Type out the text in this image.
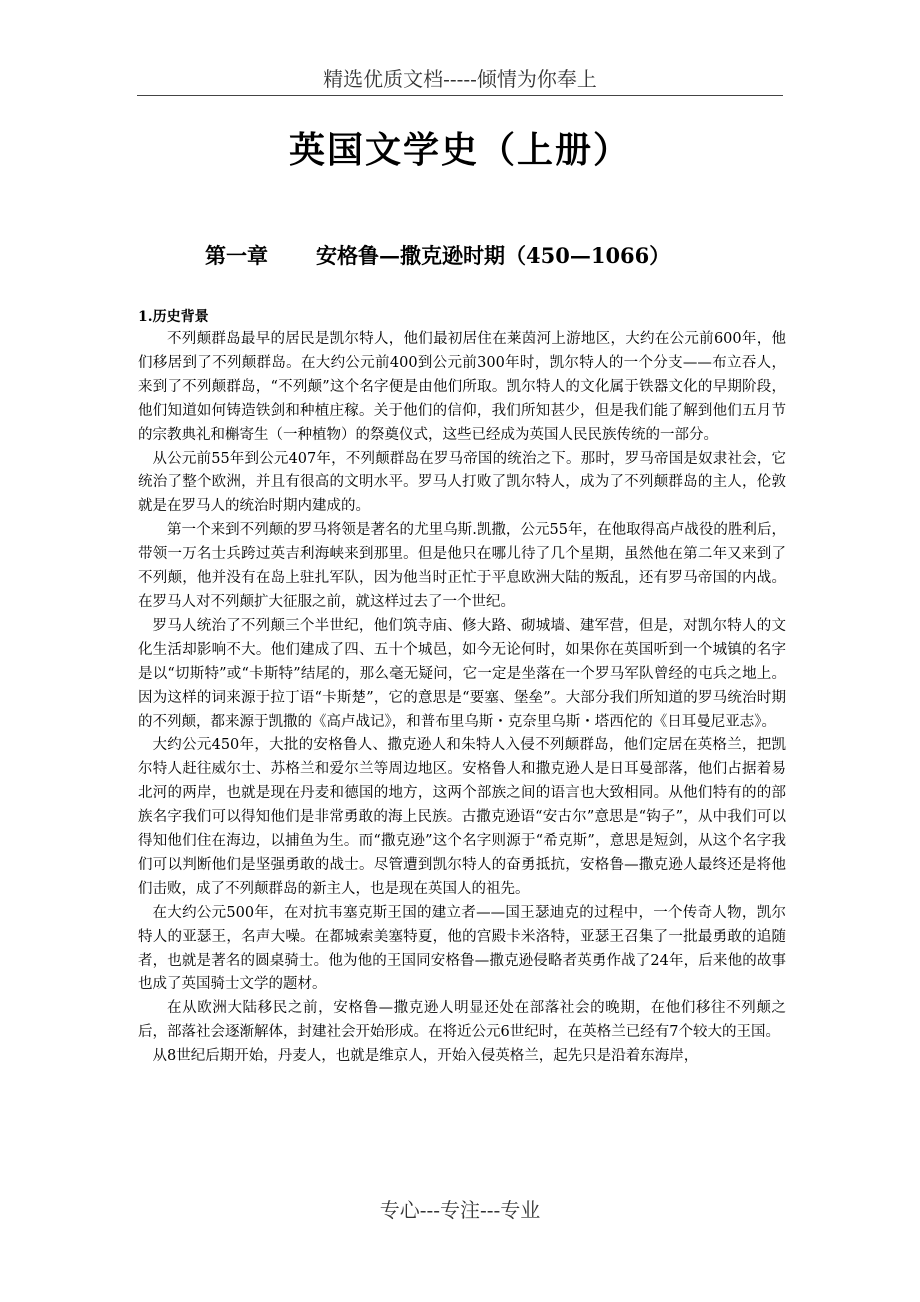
精选优质文档-----倾情为你奉上
英国文学史（上册）
第一章 安格鲁—撒克逊时期（450—1066）
1.历史背景

不列颠群岛最早的居民是凯尔特人，他们最初居住在莱茵河上游地区，大约在公元前600年，他们移居到了不列颠群岛。在大约公元前400到公元前300年时，凯尔特人的一个分支——布立吞人，来到了不列颠群岛，“不列颠”这个名字便是由他们所取。凯尔特人的文化属于铁器文化的早期阶段，他们知道如何铸造铁剑和种植庄稼。关于他们的信仰，我们所知甚少，但是我们能了解到他们五月节的宗教典礼和槲寄生（一种植物）的祭奠仪式，这些已经成为英国人民民族传统的一部分。

从公元前55年到公元407年，不列颠群岛在罗马帝国的统治之下。那时，罗马帝国是奴隶社会，它统治了整个欧洲，并且有很高的文明水平。罗马人打败了凯尔特人，成为了不列颠群岛的主人，伦敦就是在罗马人的统治时期内建成的。

第一个来到不列颠的罗马将领是著名的尤里乌斯.凯撒，公元55年，在他取得高卢战役的胜利后，带领一万名士兵跨过英吉利海峡来到那里。但是他只在哪儿待了几个星期，虽然他在第二年又来到了不列颠，他并没有在岛上驻扎军队，因为他当时正忙于平息欧洲大陆的叛乱，还有罗马帝国的内战。在罗马人对不列颠扩大征服之前，就这样过去了一个世纪。

罗马人统治了不列颠三个半世纪，他们筑寺庙、修大路、砌城墙、建军营，但是，对凯尔特人的文化生活却影响不大。他们建成了四、五十个城邑，如今无论何时，如果你在英国听到一个城镇的名字是以“切斯特”或“卡斯特”结尾的，那么毫无疑问，它一定是坐落在一个罗马军队曾经的屯兵之地上。因为这样的词来源于拉丁语“卡斯楚”，它的意思是“要塞、堡垒”。大部分我们所知道的罗马统治时期的不列颠，都来源于凯撒的《高卢战记》，和普布里乌斯・克奈里乌斯・塔西佗的《日耳曼尼亚志》。

大约公元450年，大批的安格鲁人、撒克逊人和朱特人入侵不列颠群岛，他们定居在英格兰，把凯尔特人赶往威尔士、苏格兰和爱尔兰等周边地区。安格鲁人和撒克逊人是日耳曼部落，他们占据着易北河的两岸，也就是现在丹麦和德国的地方，这两个部族之间的语言也大致相同。从他们特有的的部族名字我们可以得知他们是非常勇敢的海上民族。古撒克逊语“安古尔”意思是“钩子”，从中我们可以得知他们住在海边，以捕鱼为生。而“撒克逊”这个名字则源于“希克斯”，意思是短剑，从这个名字我们可以判断他们是坚强勇敢的战士。尽管遭到凯尔特人的奋勇抵抗，安格鲁—撒克逊人最终还是将他们击败，成了不列颠群岛的新主人，也是现在英国人的祖先。

在大约公元500年，在对抗韦塞克斯王国的建立者——国王瑟迪克的过程中，一个传奇人物，凯尔特人的亚瑟王，名声大噪。在都城索美塞特夏，他的宫殿卡米洛特，亚瑟王召集了一批最勇敢的追随者，也就是著名的圆桌骑士。他为他的王国同安格鲁—撒克逊侵略者英勇作战了24年，后来他的故事也成了英国骑士文学的题材。

在从欧洲大陆移民之前，安格鲁—撒克逊人明显还处在部落社会的晚期，在他们移往不列颠之后，部落社会逐渐解体，封建社会开始形成。在将近公元6世纪时，在英格兰已经有7个较大的王国。

从8世纪后期开始，丹麦人，也就是维京人，开始入侵英格兰，起先只是沿着东海岸，

专心---专注---专业
